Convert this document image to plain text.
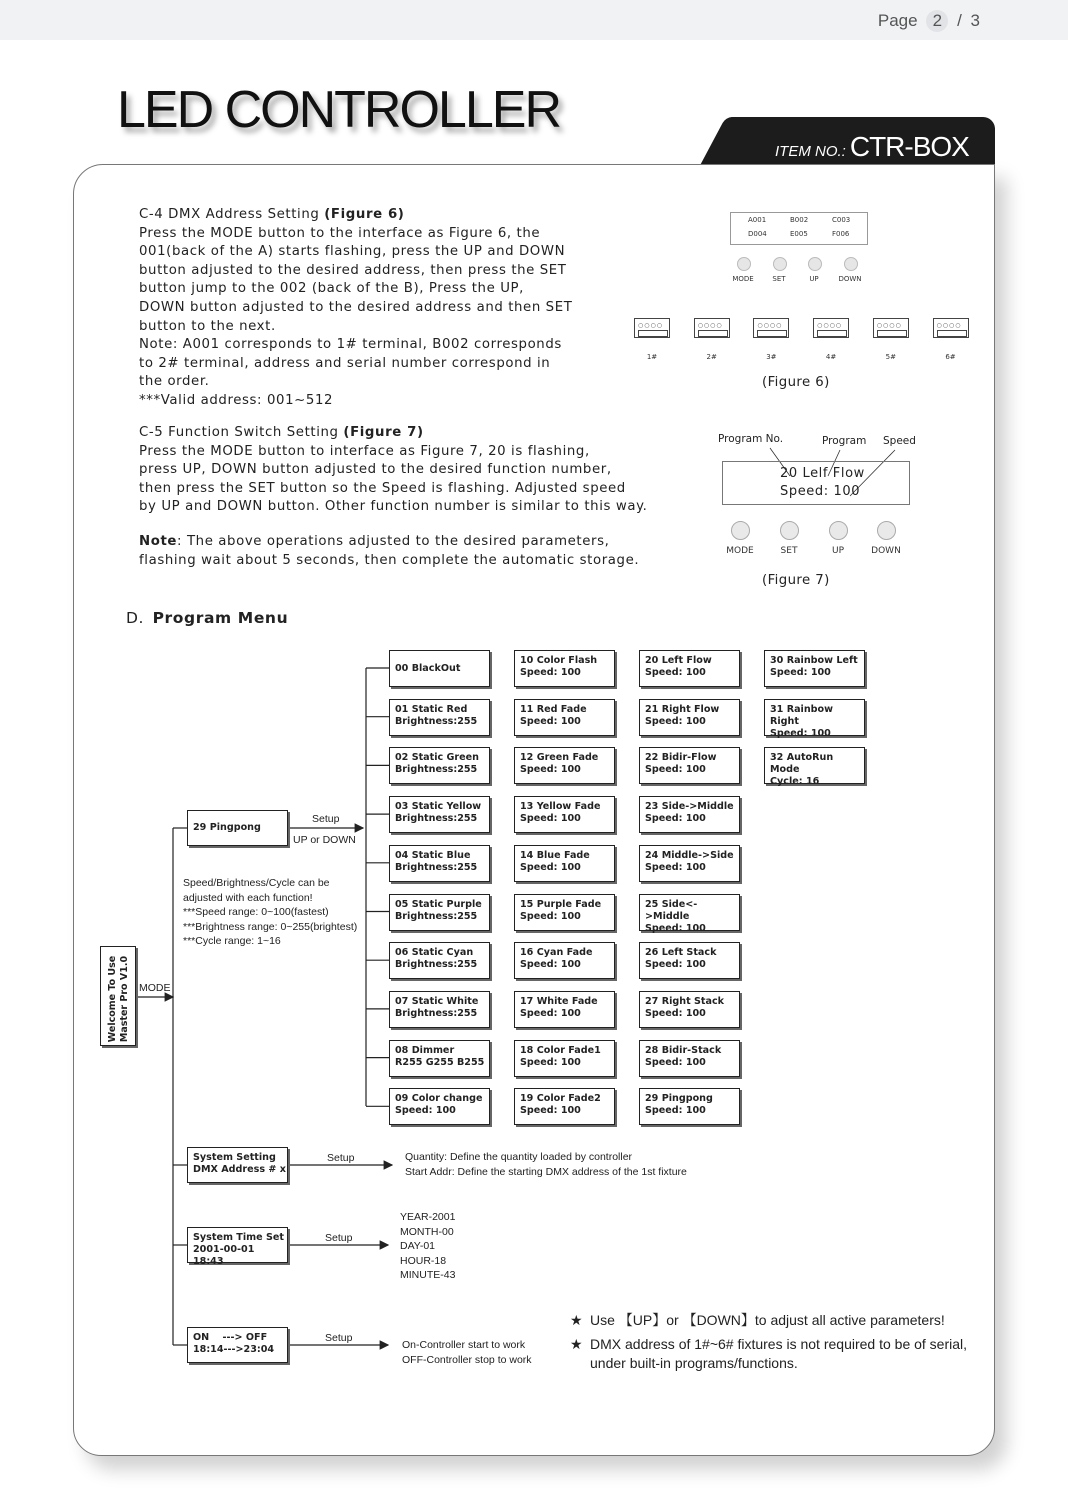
Page 2 / 3
LED CONTROLLER
ITEM NO.: CTR-BOX

C-4 DMX Address Setting (Figure 6)

Press the MODE button to the interface as Figure 6, the

001(back of the A) starts flashing, press the UP and DOWN

button adjusted to the desired address, then press the SET

button jump to the 002 (back of the B), Press the UP,

DOWN button adjusted to the desired address and then SET

button to the next.

Note: A001 corresponds to 1# terminal, B002 corresponds

to 2# terminal, address and serial number correspond in

the order.

***Valid address: 001~512

C-5 Function Switch Setting (Figure 7)

Press the MODE button to interface as Figure 7, 20 is flashing,

press UP, DOWN button adjusted to the desired function number,

then press the SET button so the Speed is flashing. Adjusted speed

by UP and DOWN button. Other function number is similar to this way.

Note: The above operations adjusted to the desired parameters,

flashing wait about 5 seconds, then complete the automatic storage.

A001	B002	C003
D004	E005	F006
MODE	SET	UP	DOWN
○○○○
1#
○○○○
2#
○○○○
3#
○○○○
4#
○○○○
5#
○○○○
6#
(Figure 6)
Program No.	Program Speed
20 Lelf Flow
Speed: 100
MODE	SET	UP	DOWN
(Figure 7)
D. Program Menu
Welcome To Use Master Pro V1.0 MODE
29 Pingpong
Setup
UP or DOWN
Speed/Brightness/Cycle can be
adjusted with each function!
***Speed range: 0~100(fastest)
***Brightness range: 0~255(brightest)
***Cycle range: 1~16
00 BlackOut
01 Static Red
Brightness:255
02 Static Green
Brightness:255
03 Static Yellow
Brightness:255
04 Static Blue
Brightness:255
05 Static Purple
Brightness:255
06 Static Cyan
Brightness:255
07 Static White
Brightness:255
08 Dimmer
R255 G255 B255
09 Color change
Speed: 100
10 Color Flash
Speed: 100
11 Red Fade
Speed: 100
12 Green Fade
Speed: 100
13 Yellow Fade
Speed: 100
14 Blue Fade
Speed: 100
15 Purple Fade
Speed: 100
16 Cyan Fade
Speed: 100
17 White Fade
Speed: 100
18 Color Fade1
Speed: 100
19 Color Fade2
Speed: 100
20 Left Flow
Speed: 100
21 Right Flow
Speed: 100
22 Bidir-Flow
Speed: 100
23 Side->Middle
Speed: 100
24 Middle->Side
Speed: 100
25 Side<->Middle
Speed: 100
26 Left Stack
Speed: 100
27 Right Stack
Speed: 100
28 Bidir-Stack
Speed: 100
29 Pingpong
Speed: 100
30 Rainbow Left
Speed: 100
31 Rainbow Right
Speed: 100
32 AutoRun Mode
Cycle: 16
System Setting
DMX Address # x
Setup	Quantity: Define the quantity loaded by controller
Start Addr: Define the starting DMX address of the 1st fixture
System Time Set
2001-00-01 18:43
Setup
YEAR-2001
MONTH-00
DAY-01
HOUR-18
MINUTE-43
ON    ---> OFF
18:14--->23:04
Setup
On-Controller start to work
OFF-Controller stop to work
★ Use 【UP】or 【DOWN】to adjust all active parameters!
★ DMX address of 1#~6# fixtures is not required to be of serial,
under built-in programs/functions.
